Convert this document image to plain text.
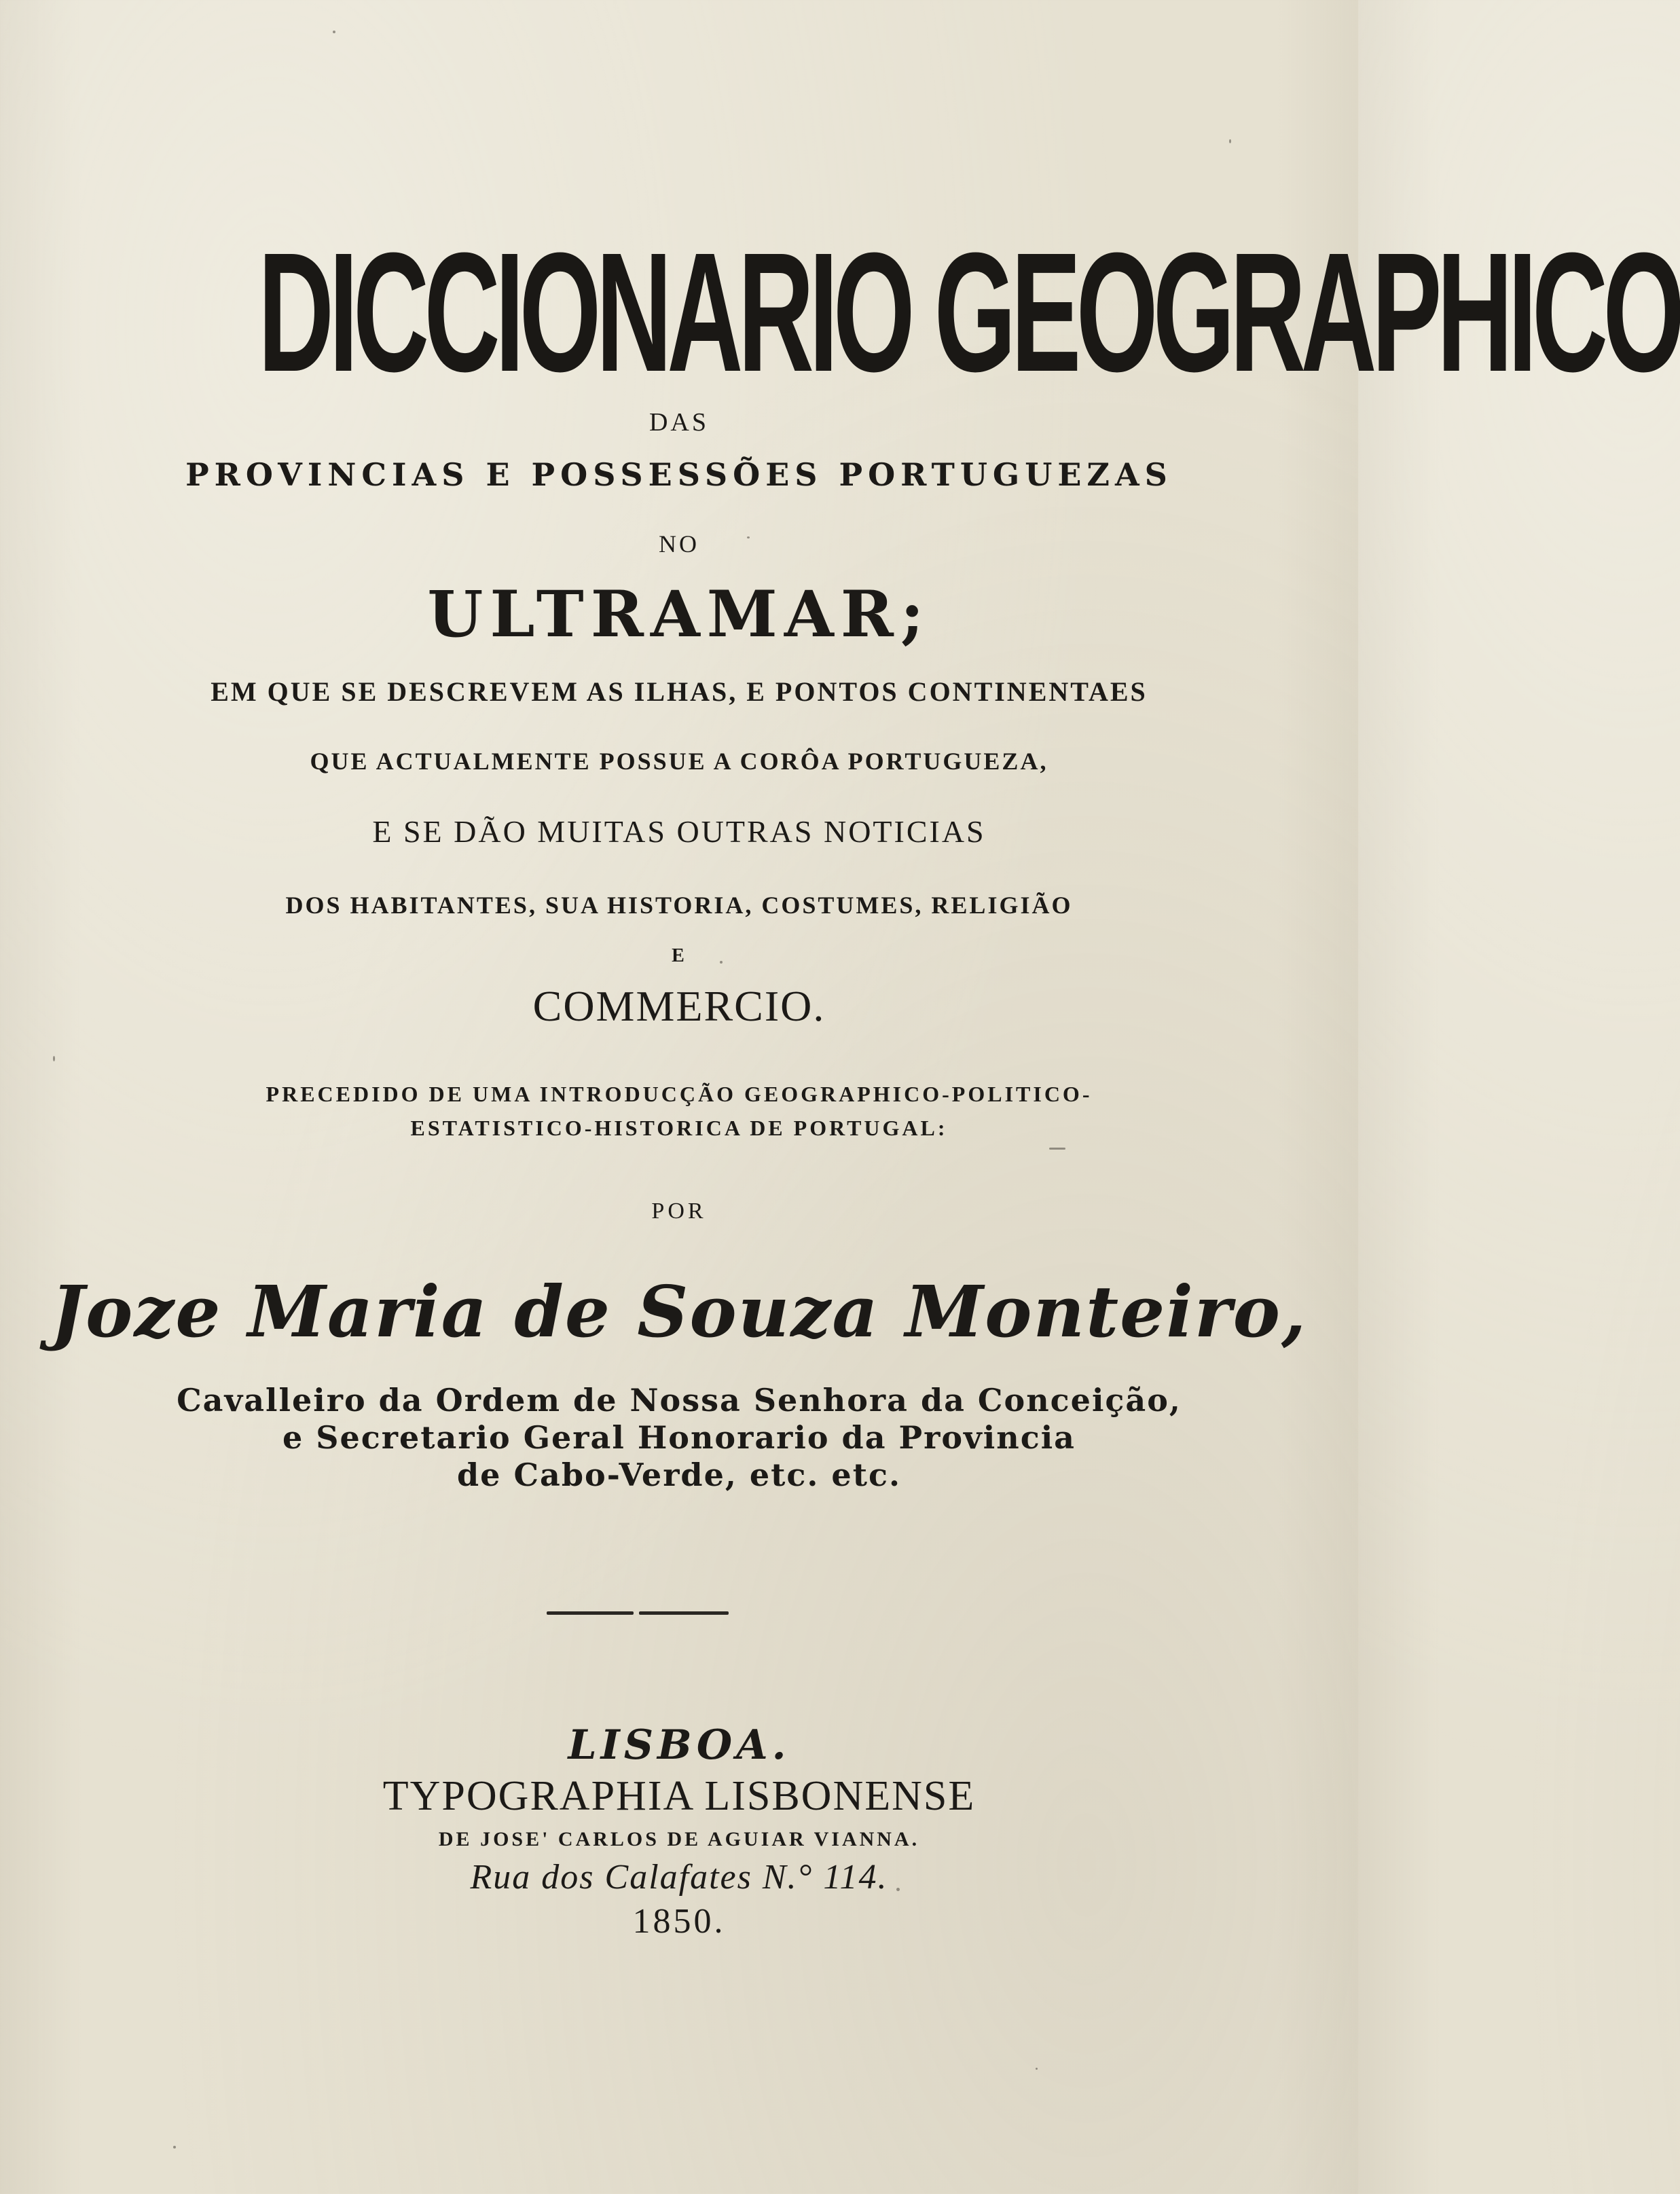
DICCIONARIO GEOGRAPHICO
DAS
PROVINCIAS E POSSESSÕES PORTUGUEZAS
NO
ULTRAMAR;
EM QUE SE DESCREVEM AS ILHAS, E PONTOS CONTINENTAES
QUE ACTUALMENTE POSSUE A CORÔA PORTUGUEZA,
E SE DÃO MUITAS OUTRAS NOTICIAS
DOS HABITANTES, SUA HISTORIA, COSTUMES, RELIGIÃO
E
COMMERCIO.
PRECEDIDO DE UMA INTRODUCÇÃO GEOGRAPHICO-POLITICO-
ESTATISTICO-HISTORICA DE PORTUGAL:
POR
Joze Maria de Souza Monteiro,
Cavalleiro da Ordem de Nossa Senhora da Conceição,
e Secretario Geral Honorario da Provincia
de Cabo-Verde, etc. etc.
LISBOA.
TYPOGRAPHIA LISBONENSE
DE JOSE' CARLOS DE AGUIAR VIANNA.
Rua dos Calafates N.° 114.
1850.
